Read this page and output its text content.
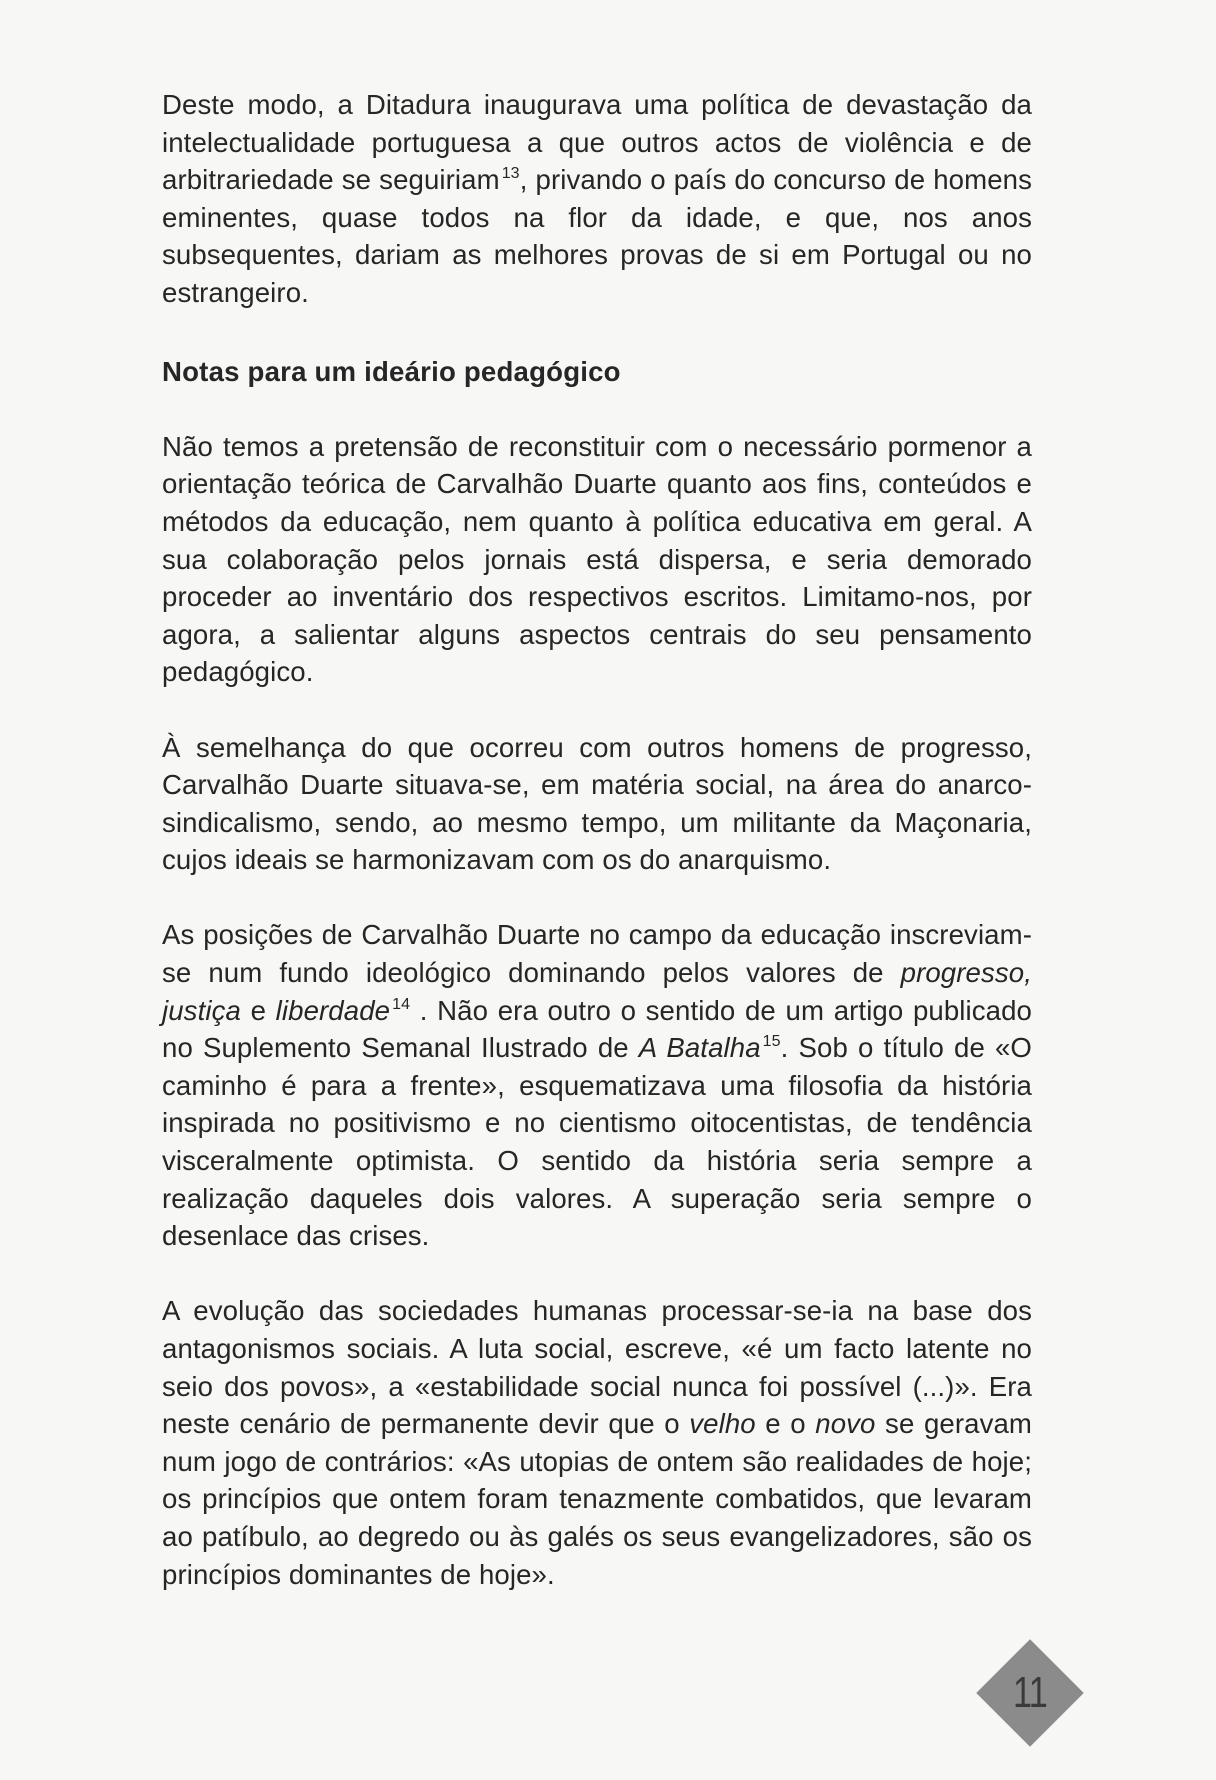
Deste modo, a Ditadura inaugurava uma política de devastação da intelectualidade portuguesa a que outros actos de violência e de arbitrariedade se seguiriam $^{13}$, privando o país do concurso de homens eminentes, quase todos na flor da idade, e que, nos anos subsequentes, dariam as melhores provas de si em Portugal ou no estrangeiro.

Notas para um ideário pedagógico

Não temos a pretensão de reconstituir com o necessário pormenor a orientação teórica de Carvalhão Duarte quanto aos fins, conteúdos e métodos da educação, nem quanto à política educativa em geral. A sua colaboração pelos jornais está dispersa, e seria demorado proceder ao inventário dos respectivos escritos. Limitamo-nos, por agora, a salientar alguns aspectos centrais do seu pensamento pedagógico.

À semelhança do que ocorreu com outros homens de progresso, Carvalhão Duarte situava-se, em matéria social, na área do anarco-sindicalismo, sendo, ao mesmo tempo, um militante da Maçonaria, cujos ideais se harmonizavam com os do anarquismo.

As posições de Carvalhão Duarte no campo da educação inscreviam-se num fundo ideológico dominando pelos valores de progresso, justiça e liberdade $^{14}$ . Não era outro o sentido de um artigo publicado no Suplemento Semanal Ilustrado de A Batalha $^{15}$. Sob o título de «O caminho é para a frente», esquematizava uma filosofia da história inspirada no positivismo e no cientismo oitocentistas, de tendência visceralmente optimista. O sentido da história seria sempre a realização daqueles dois valores. A superação seria sempre o desenlace das crises.

A evolução das sociedades humanas processar-se-ia na base dos antagonismos sociais. A luta social, escreve, «é um facto latente no seio dos povos», a «estabilidade social nunca foi possível (...)». Era neste cenário de permanente devir que o velho e o novo se geravam num jogo de contrários: «As utopias de ontem são realidades de hoje; os princípios que ontem foram tenazmente combatidos, que levaram ao patíbulo, ao degredo ou às galés os seus evangelizadores, são os princípios dominantes de hoje».

11
